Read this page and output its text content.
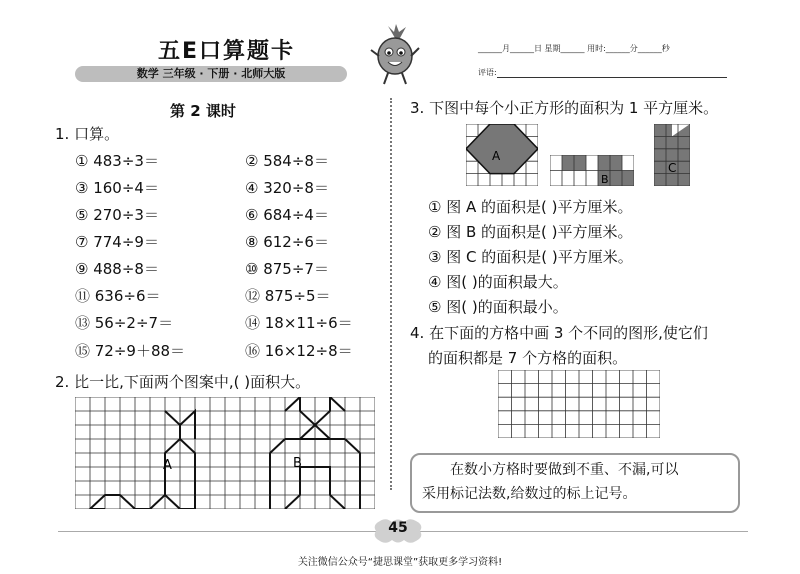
五E口算题卡
数学 三年级 · 下册 · 北师大版
______月______日 星期______ 用时:______分______秒
评语:
第 2 课时
1. 口算。
① 483÷3＝	② 584÷8＝
③ 160÷4＝	④ 320÷8＝
⑤ 270÷3＝	⑥ 684÷4＝
⑦ 774÷9＝	⑧ 612÷6＝
⑨ 488÷8＝	⑩ 875÷7＝
⑪ 636÷6＝	⑫ 875÷5＝
⑬ 56÷2÷7＝	⑭ 18×11÷6＝
⑮ 72÷9＋88＝	⑯ 16×12÷8＝
2. 比一比,下面两个图案中,( )面积大。
A	B
3. 下图中每个小正方形的面积为 1 平方厘米。
A
B
C
① 图 A 的面积是( )平方厘米。
② 图 B 的面积是( )平方厘米。
③ 图 C 的面积是( )平方厘米。
④ 图( )的面积最大。
⑤ 图( )的面积最小。
4. 在下面的方格中画 3 个不同的图形,使它们
的面积都是 7 个方格的面积。
在数小方格时要做到不重、不漏,可以
采用标记法数,给数过的标上记号。
45
关注微信公众号“捷思课堂”获取更多学习资料!
